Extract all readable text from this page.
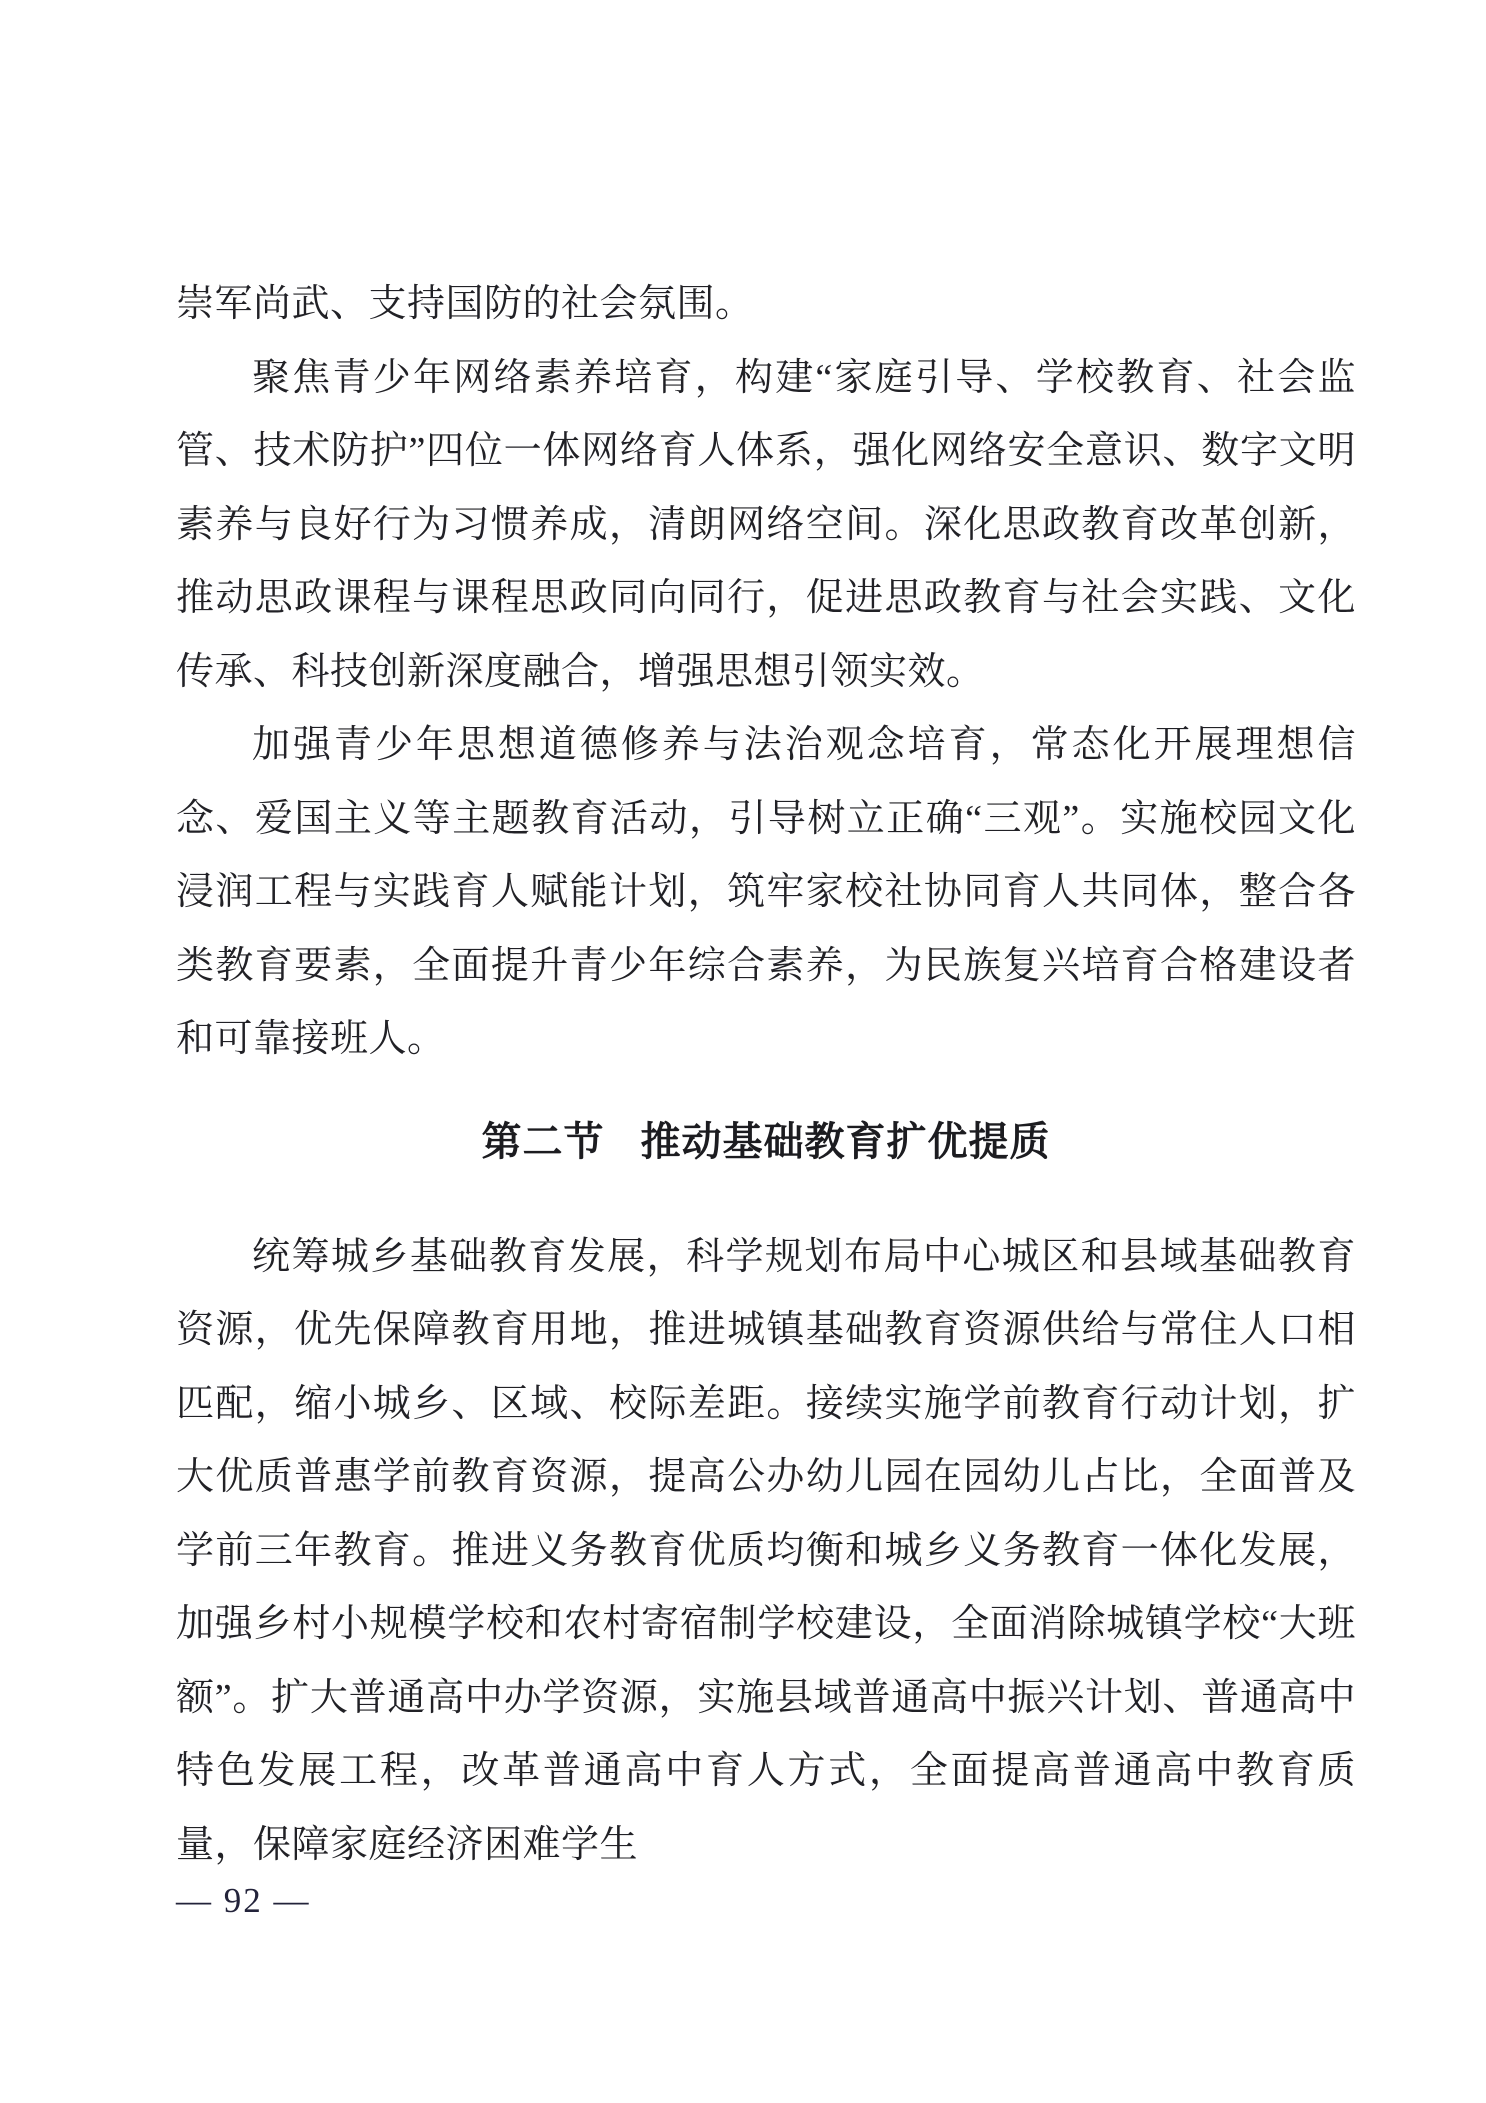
崇军尚武、支持国防的社会氛围。

聚焦青少年网络素养培育，构建“家庭引导、学校教育、社会监管、技术防护”四位一体网络育人体系，强化网络安全意识、数字文明素养与良好行为习惯养成，清朗网络空间。深化思政教育改革创新，推动思政课程与课程思政同向同行，促进思政教育与社会实践、文化传承、科技创新深度融合，增强思想引领实效。

加强青少年思想道德修养与法治观念培育，常态化开展理想信念、爱国主义等主题教育活动，引导树立正确“三观”。实施校园文化浸润工程与实践育人赋能计划，筑牢家校社协同育人共同体，整合各类教育要素，全面提升青少年综合素养，为民族复兴培育合格建设者和可靠接班人。

第二节 推动基础教育扩优提质

统筹城乡基础教育发展，科学规划布局中心城区和县域基础教育资源，优先保障教育用地，推进城镇基础教育资源供给与常住人口相匹配，缩小城乡、区域、校际差距。接续实施学前教育行动计划，扩大优质普惠学前教育资源，提高公办幼儿园在园幼儿占比，全面普及学前三年教育。推进义务教育优质均衡和城乡义务教育一体化发展，加强乡村小规模学校和农村寄宿制学校建设，全面消除城镇学校“大班额”。扩大普通高中办学资源，实施县域普通高中振兴计划、普通高中特色发展工程，改革普通高中育人方式，全面提高普通高中教育质量，保障家庭经济困难学生

— 92 —
